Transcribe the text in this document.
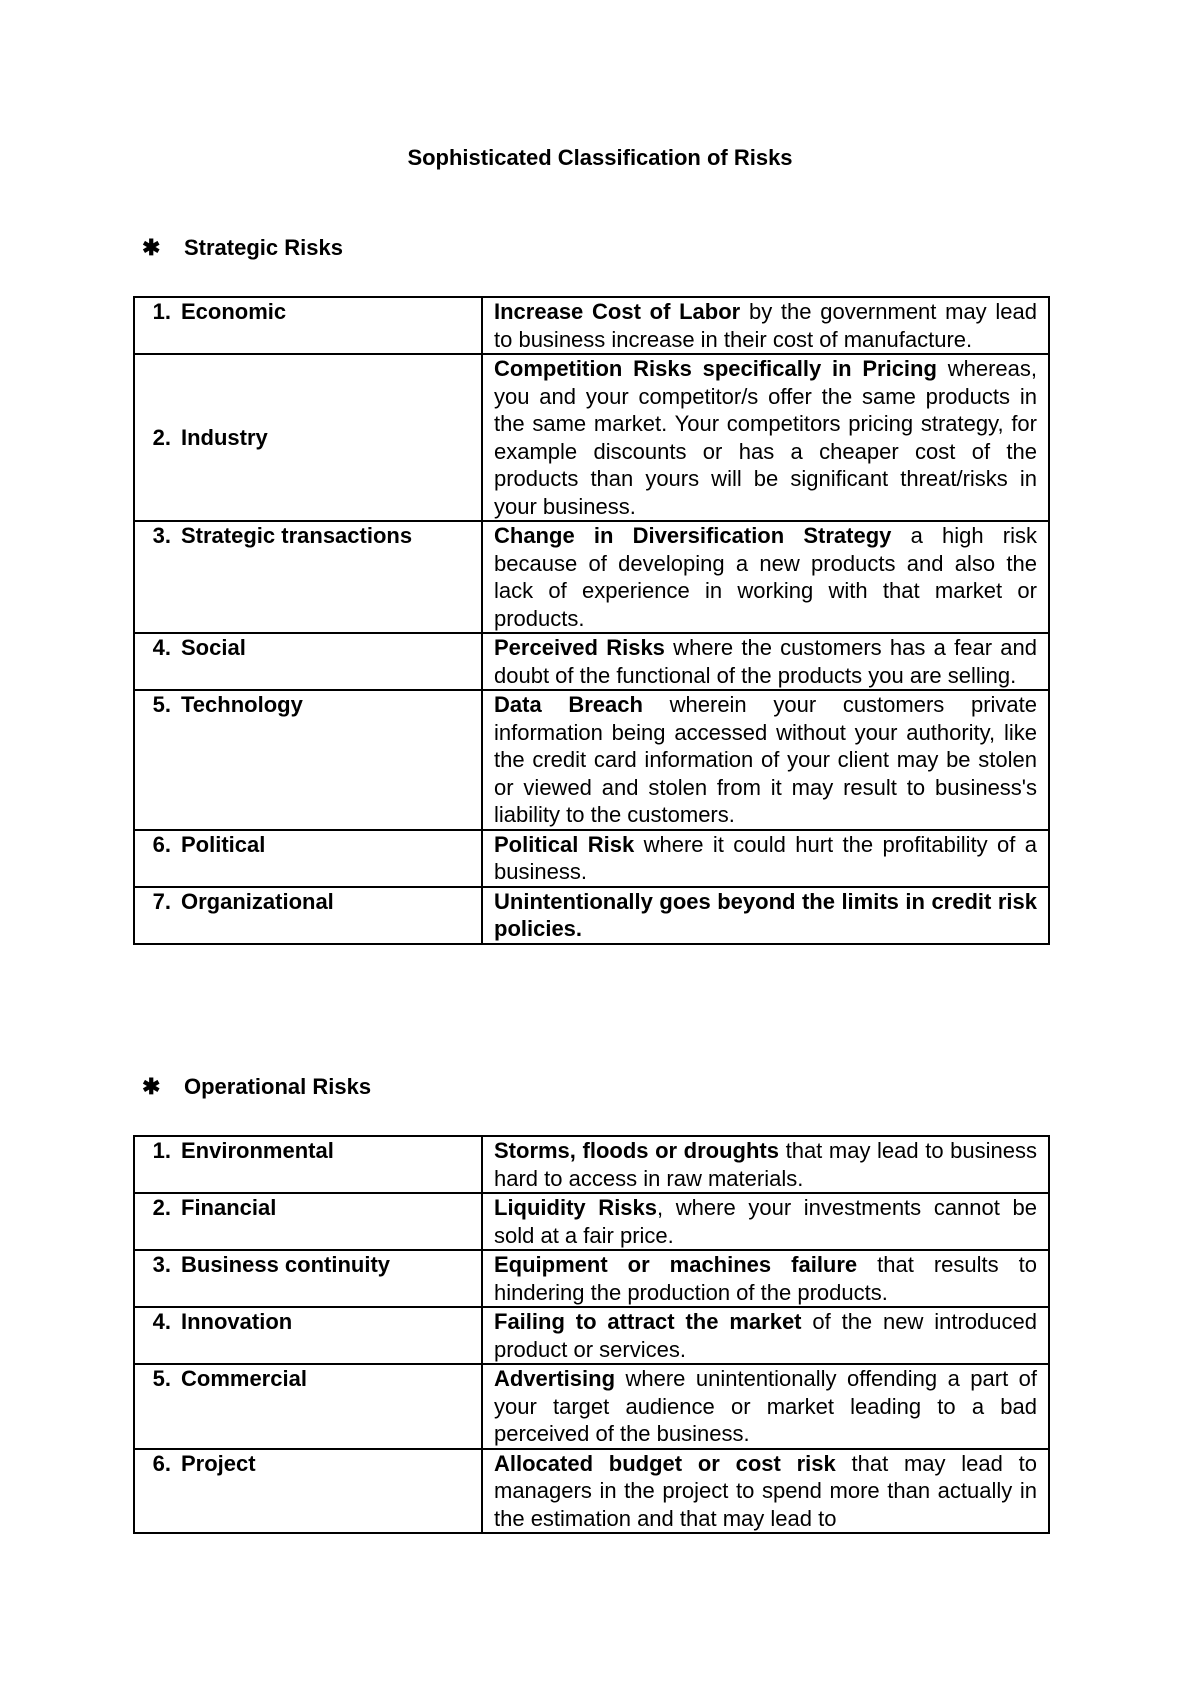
Sophisticated Classification of Risks
✱	Strategic Risks
1. Economic	Increase Cost of Labor by the government may lead to business increase in their cost of manufacture.
2. Industry	Competition Risks specifically in Pricing whereas, you and your competitor/s offer the same products in the same market. Your competitors pricing strategy, for example discounts or has a cheaper cost of the products than yours will be significant threat/risks in your business.
3. Strategic transactions	Change in Diversification Strategy a high risk because of developing a new products and also the lack of experience in working with that market or products.
4. Social	Perceived Risks where the customers has a fear and doubt of the functional of the products you are selling.
5. Technology	Data Breach wherein your customers private information being accessed without your authority, like the credit card information of your client may be stolen or viewed and stolen from it may result to business's liability to the customers.
6. Political	Political Risk where it could hurt the profitability of a business.
7. Organizational	Unintentionally goes beyond the limits in credit risk policies.
✱	Operational Risks
1. Environmental	Storms, floods or droughts that may lead to business hard to access in raw materials.
2. Financial	Liquidity Risks, where your investments cannot be sold at a fair price.
3. Business continuity	Equipment or machines failure that results to hindering the production of the products.
4. Innovation	Failing to attract the market of the new introduced product or services.
5. Commercial	Advertising where unintentionally offending a part of your target audience or market leading to a bad perceived of the business.
6. Project	Allocated budget or cost risk that may lead to managers in the project to spend more than actually in the estimation and that may lead to
